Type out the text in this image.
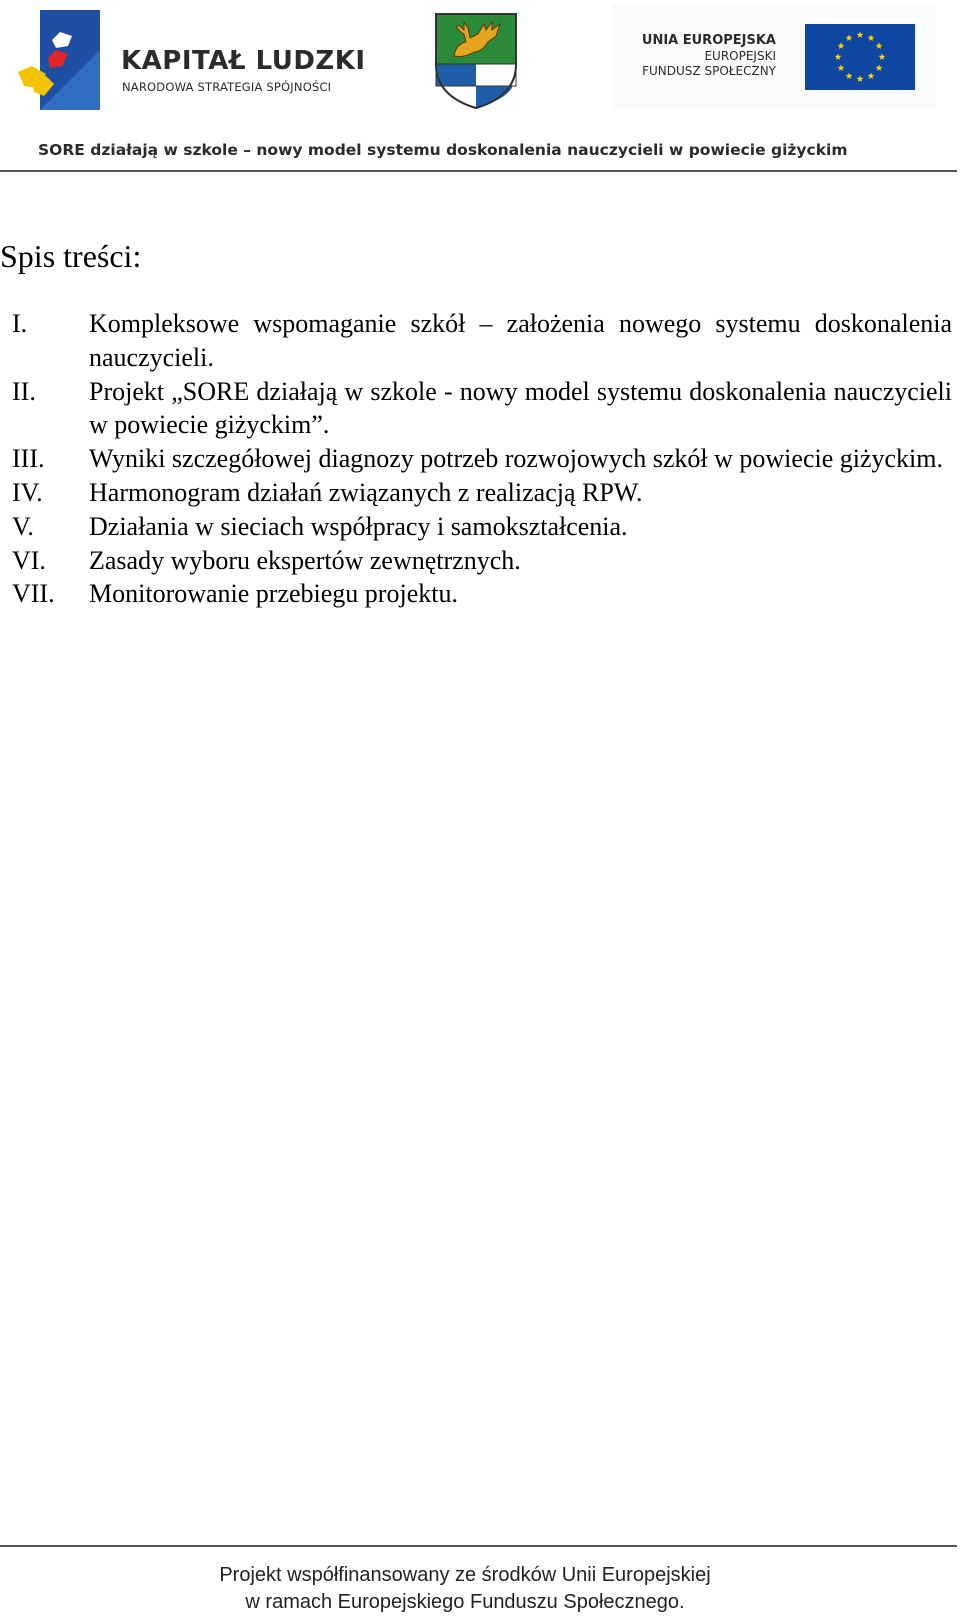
KAPITAŁ LUDZKI
NARODOWA STRATEGIA SPÓJNOŚCI
UNIA EUROPEJSKA
EUROPEJSKI
FUNDUSZ SPOŁECZNY
SORE działają w szkole – nowy model systemu doskonalenia nauczycieli w powiecie giżyckim
Spis treści:
I.	Kompleksowe wspomaganie szkół – założenia nowego systemu doskonalenia nauczycieli.
II.	Projekt „SORE działają w szkole - nowy model systemu doskonalenia nauczycieli w powiecie giżyckim”.
III.	Wyniki szczegółowej diagnozy potrzeb rozwojowych szkół w powiecie giżyckim.
IV.	Harmonogram działań związanych z realizacją RPW.
V.	Działania w sieciach współpracy i samokształcenia.
VI.	Zasady wyboru ekspertów zewnętrznych.
VII.	Monitorowanie przebiegu projektu.
Projekt współfinansowany ze środków Unii Europejskiej
w ramach Europejskiego Funduszu Społecznego.
